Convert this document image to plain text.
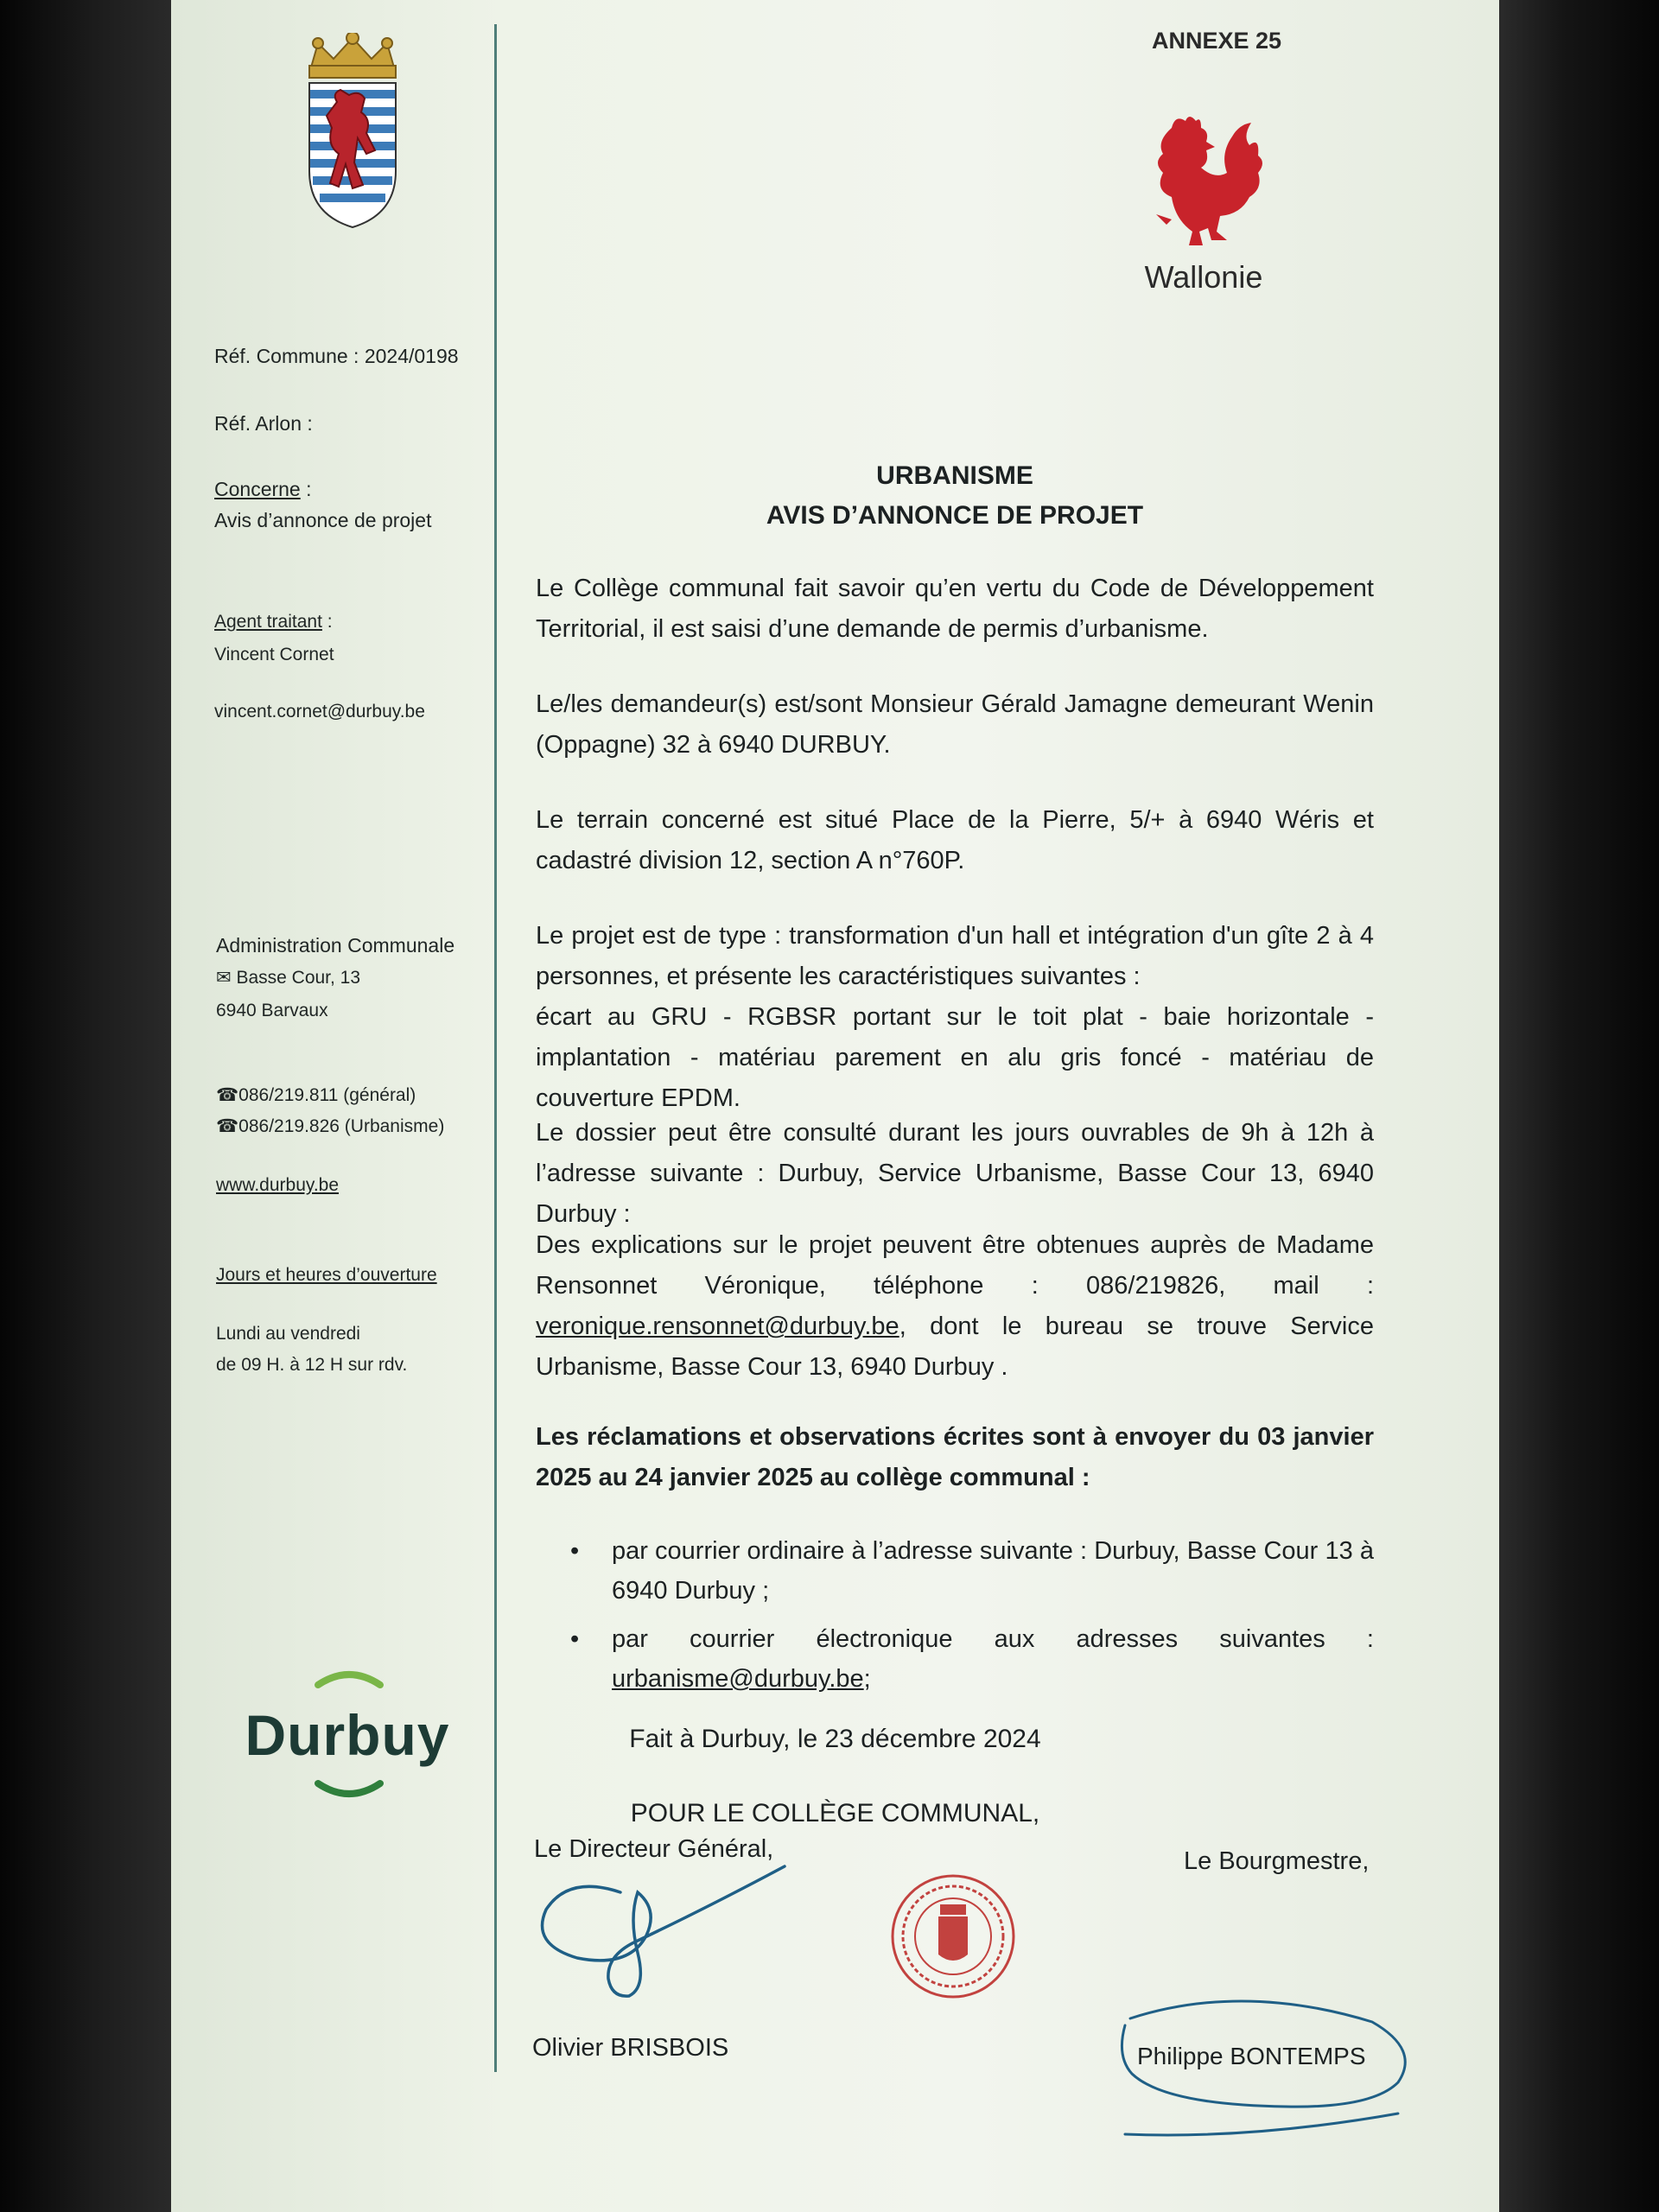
ANNEXE 25
Wallonie
Réf. Commune : 2024/0198
Réf. Arlon :
Concerne :
Avis d’annonce de projet
Agent traitant :
Vincent Cornet
vincent.cornet@durbuy.be
Administration Communale
✉ Basse Cour, 13
6940 Barvaux
☎086/219.811 (général)
☎086/219.826 (Urbanisme)
www.durbuy.be
Jours et heures d’ouverture
Lundi au vendredi
de 09 H. à 12 H sur rdv.
Durbuy
URBANISME
AVIS D’ANNONCE DE PROJET
Le Collège communal fait savoir qu’en vertu du Code de Développement Territorial, il est saisi d’une demande de permis d’urbanisme.
Le/les demandeur(s) est/sont Monsieur Gérald Jamagne demeurant Wenin (Oppagne) 32 à 6940 DURBUY.
Le terrain concerné est situé Place de la Pierre, 5/+ à 6940 Wéris et cadastré division 12, section A n°760P.
Le projet est de type : transformation d'un hall et intégration d'un gîte 2 à 4 personnes, et présente les caractéristiques suivantes :
écart au GRU - RGBSR portant sur le toit plat - baie horizontale - implantation - matériau parement en alu gris foncé - matériau de couverture EPDM.
Le dossier peut être consulté durant les jours ouvrables de 9h à 12h à l’adresse suivante : Durbuy, Service Urbanisme, Basse Cour 13, 6940 Durbuy :
Des explications sur le projet peuvent être obtenues auprès de Madame Rensonnet Véronique, téléphone : 086/219826, mail : veronique.rensonnet@durbuy.be, dont le bureau se trouve Service Urbanisme, Basse Cour 13, 6940 Durbuy .
Les réclamations et observations écrites sont à envoyer du 03 janvier 2025 au 24 janvier 2025 au collège communal :
• par courrier ordinaire à l’adresse suivante : Durbuy, Basse Cour 13 à 6940 Durbuy ;
• par courrier électronique aux adresses suivantes : urbanisme@durbuy.be;
Fait à Durbuy, le 23 décembre 2024
POUR LE COLLÈGE COMMUNAL,
Le Directeur Général,	Le Bourgmestre,
Olivier BRISBOIS	Philippe BONTEMPS
